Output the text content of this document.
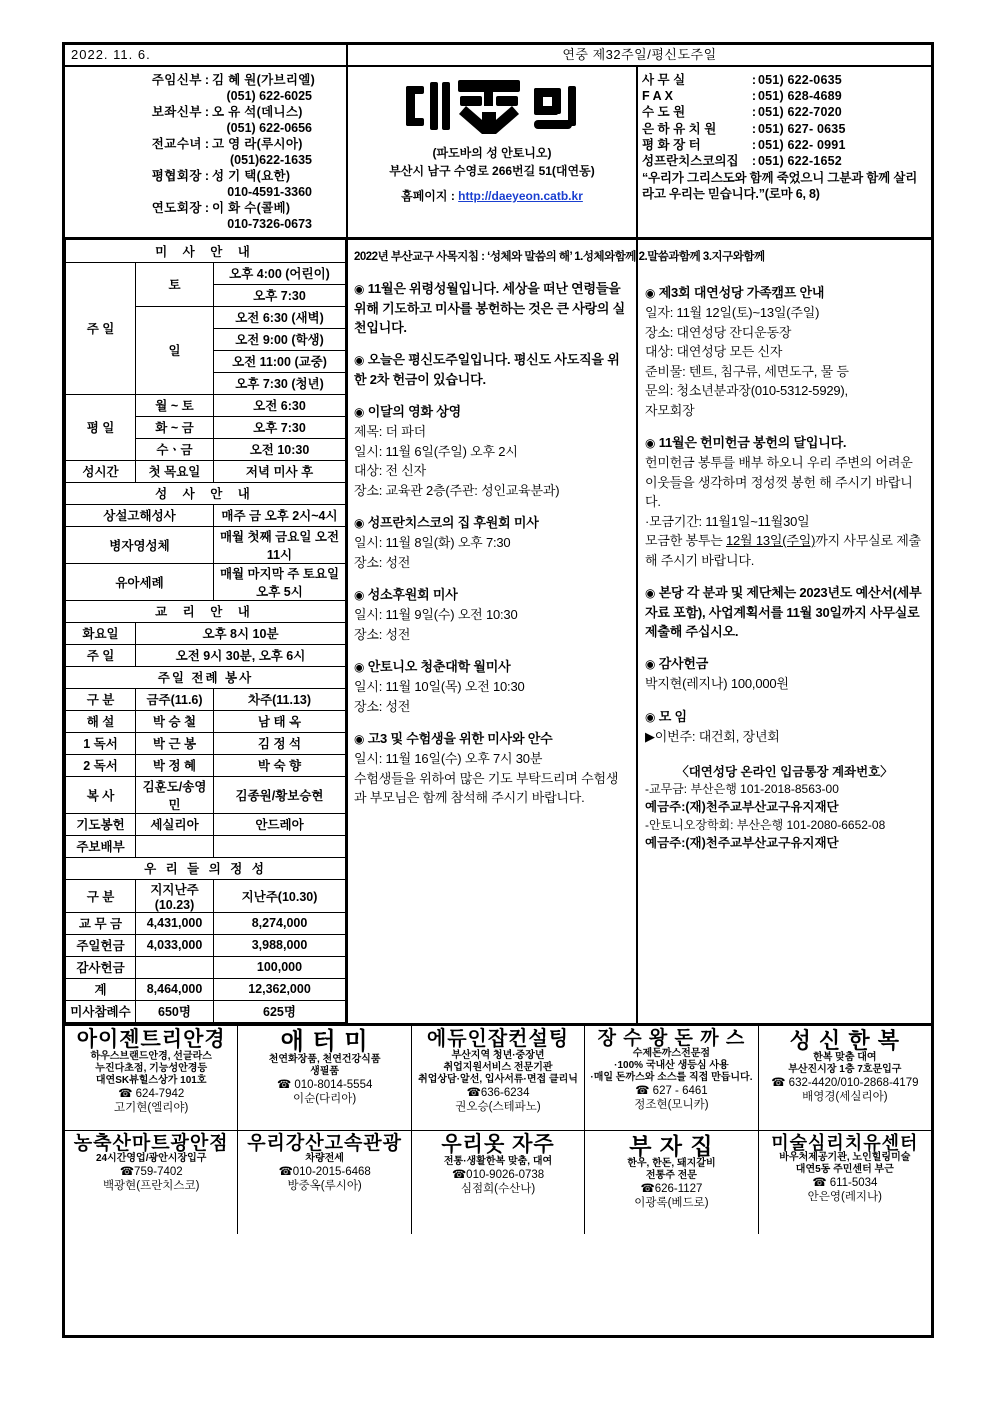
2022. 11. 6.	연중 제32주일/평신도주일
주임신부 : 김 혜 원(가브리엘)
(051) 622-6025
보좌신부 : 오 유 석(데니스)
(051) 622-0656
전교수녀 : 고 영 라(루시아)
(051)622-1635
평협회장 : 성 기 택(요한)
010-4591-3360
연도회장 : 이 화 수(콜베)
010-7326-0673
(파도바의 성 안토니오)
부산시 남구 수영로 266번길 51(대연동)
홈페이지 : http://daeyeon.catb.kr
사 무 실	: 051) 622-0635
F A X	: 051) 628-4689
수 도 원	: 051) 622-7020
은 하 유 치 원	: 051) 627- 0635
평 화 장 터	: 051) 622- 0991
성프란치스코의집	: 051) 622-1652
“우리가 그리스도와 함께 죽었으니 그분과 함께 살리라고 우리는 믿습니다.”(로마 6, 8)
미 사 안 내		
주 일	토	오후 4:00 (어린이)
		오후 7:30
	일	오전 6:30 (새벽)
		오전 9:00 (학생)
		오전 11:00 (교중)
		오후 7:30 (청년)
평 일	월 ~ 토	오전 6:30
	화 ~ 금	오후 7:30
	수ㆍ금	오전 10:30
성시간	첫 목요일	저녁 미사 후
성 사 안 내		
상설고해성사		매주 금 오후 2시~4시
병자영성체		매월 첫째 금요일 오전 11시
유아세례		매월 마지막 주 토요일 오후 5시
교 리 안 내		
화요일	오후 8시 10분	
주 일	오전 9시 30분, 오후 6시	
주일 전례 봉사		
구 분	금주(11.6)	차주(11.13)
해 설	박 승 철	남 태 옥
1 독서	박 근 봉	김 정 석
2 독서	박 정 혜	박 숙 향
복 사	김훈도/송영민	김종원/황보승현
기도봉헌	세실리아	안드레아
주보배부		
우 리 들 의 정 성		
구 분	지지난주(10.23)	지난주(10.30)
교 무 금	4,431,000	8,274,000
주일헌금	4,033,000	3,988,000
감사헌금		100,000
계	8,464,000	12,362,000
미사참례수	650명	625명
◉ 11월은 위령성월입니다. 세상을 떠난 연령들을 위해 기도하고 미사를 봉헌하는 것은 큰 사랑의 실천입니다.
◉ 오늘은 평신도주일입니다. 평신도 사도직을 위한 2차 헌금이 있습니다.
◉ 이달의 영화 상영
제목: 더 파더
일시: 11월 6일(주일) 오후 2시
대상: 전 신자
장소: 교육관 2층(주관: 성인교육분과)
◉ 성프란치스코의 집 후원회 미사
일시: 11월 8일(화) 오후 7:30
장소: 성전
◉ 성소후원회 미사
일시: 11월 9일(수) 오전 10:30
장소: 성전
◉ 안토니오 청춘대학 월미사
일시: 11월 10일(목) 오전 10:30
장소: 성전
◉ 고3 및 수험생을 위한 미사와 안수
일시: 11월 16일(수) 오후 7시 30분
수험생들을 위하여 많은 기도 부탁드리며 수험생과 부모님은 함께 참석해 주시기 바랍니다.
◉ 제3회 대연성당 가족캠프 안내
일자: 11월 12일(토)~13일(주일)
장소: 대연성당 잔디운동장
대상: 대연성당 모든 신자
준비물: 텐트, 침구류, 세면도구, 물 등
문의: 청소년분과장(010-5312-5929),
자모회장
◉ 11월은 헌미헌금 봉헌의 달입니다.
헌미헌금 봉투를 배부 하오니 우리 주변의 어려운 이웃들을 생각하며 정성껏 봉헌 해 주시기 바랍니다.
·모금기간: 11월1일~11월30일
모금한 봉투는 12월 13일(주일)까지 사무실로 제출해 주시기 바랍니다.
◉ 본당 각 분과 및 제단체는 2023년도 예산서(세부자료 포함), 사업계획서를 11월 30일까지 사무실로 제출해 주십시오.
◉ 감사헌금
박지현(레지나) 100,000원
◉ 모 임
▶이번주: 대건회, 장년회
〈대연성당 온라인 입금통장 계좌번호〉
-교무금: 부산은행 101-2018-8563-00
예금주:(재)천주교부산교구유지재단
-안토니오장학회: 부산은행 101-2080-6652-08
예금주:(재)천주교부산교구유지재단
2022년 부산교구 사목지침 : ‘성체와 말씀의 해’ 1.성체와함께 2.말씀과함께 3.지구와함께
아이젠트리안경
하우스브랜드안경, 선글라스
누진다초점, 기능성안경등
대연SK뷰힐스상가 101호
☎ 624-7942
고기현(엘리야)
애 터 미
천연화장품, 천연건강식품
생필품
☎ 010-8014-5554
이순(다리아)
에듀인잡컨설팅
부산지역 청년·중장년
취업지원서비스 전문기관
취업상담·알선, 입사서류·면접 클리닉
☎636-6234
권오승(스테파노)
장 수 왕 돈 까 스
수제돈까스전문점
·100% 국내산 생등심 사용
·매일 돈까스와 소스를 직접 만듭니다.
☎ 627 - 6461
정조현(모니카)
성 신 한 복
한복 맞춤 대여
부산진시장 1층 7호문입구
☎ 632-4420/010-2868-4179
배영경(세실리아)
농축산마트광안점
24시간영업/광안시장입구
☎759-7402
백광현(프란치스코)
우리강산고속관광
차량전세
☎010-2015-6468
방중옥(루시아)
우리옷 자주
전통·생활한복 맞춤, 대여
☎010-9026-0738
심점희(수산나)
부 자 집
한우, 한돈, 돼지갈비
전통주 전문
☎626-1127
이광록(베드로)
미술심리치유센터
바우처제공기관, 노인힐링미술
대연5동 주민센터 부근
☎ 611-5034
안은영(레지나)
